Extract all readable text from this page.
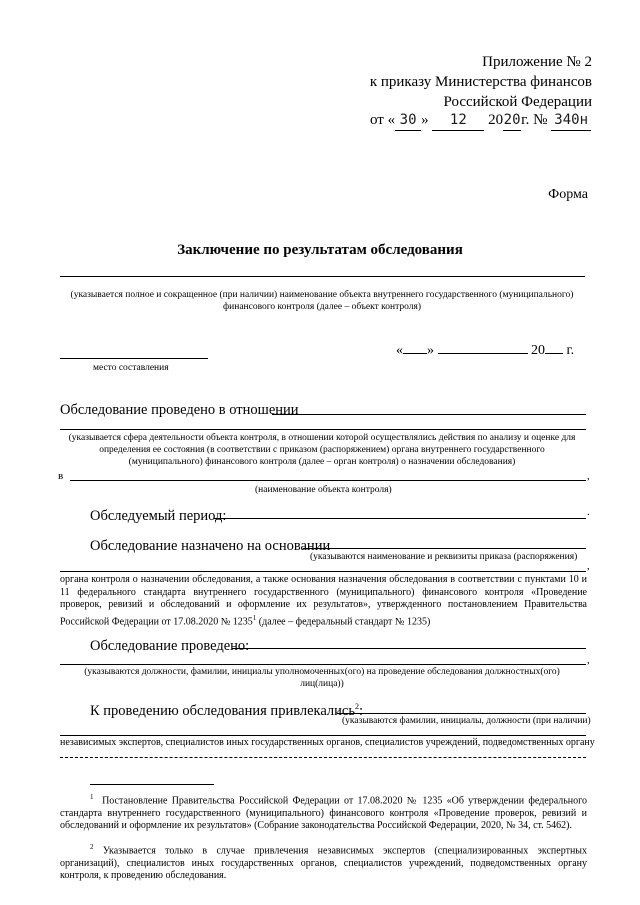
Приложение № 2
к приказу Министерства финансов
Российской Федерации
от « 30 » 12 2020г. № 340н
Форма
Заключение по результатам обследования
(указывается полное и сокращенное (при наличии) наименование объекта внутреннего государственного (муниципального) финансового контроля (далее – объект контроля)
место составления
« »	20 г.
Обследование проведено в отношении
(указывается сфера деятельности объекта контроля, в отношении которой осуществлялись действия по анализу и оценке для определения ее состояния (в соответствии с приказом (распоряжением) органа внутреннего государственного (муниципального) финансового контроля (далее – орган контроля) о назначении обследования)
в	,
(наименование объекта контроля)
Обследуемый период:	.
Обследование назначено на основании
(указываются наименование и реквизиты приказа (распоряжения)
,
органа контроля о назначении обследования, а также основания назначения обследования в соответствии с пунктами 10 и 11 федерального стандарта внутреннего государственного (муниципального) финансового контроля «Проведение проверок, ревизий и обследований и оформление их результатов», утвержденного постановлением Правительства Российской Федерации от 17.08.2020 № 1235$^1$ (далее – федеральный стандарт № 1235)
Обследование проведено:
,
(указываются должности, фамилии, инициалы уполномоченных(ого) на проведение обследования должностных(ого) лиц(лица))
К проведению обследования привлекались$^2$:
(указываются фамилии, инициалы, должности (при наличии)
независимых экспертов, специалистов иных государственных органов, специалистов учреждений, подведомственных органу
$^1$ Постановление Правительства Российской Федерации от 17.08.2020 № 1235 «Об утверждении федерального стандарта внутреннего государственного (муниципального) финансового контроля «Проведение проверок, ревизий и обследований и оформление их результатов» (Собрание законодательства Российской Федерации, 2020, № 34, ст. 5462).
$^2$ Указывается только в случае привлечения независимых экспертов (специализированных экспертных организаций), специалистов иных государственных органов, специалистов учреждений, подведомственных органу контроля, к проведению обследования.
